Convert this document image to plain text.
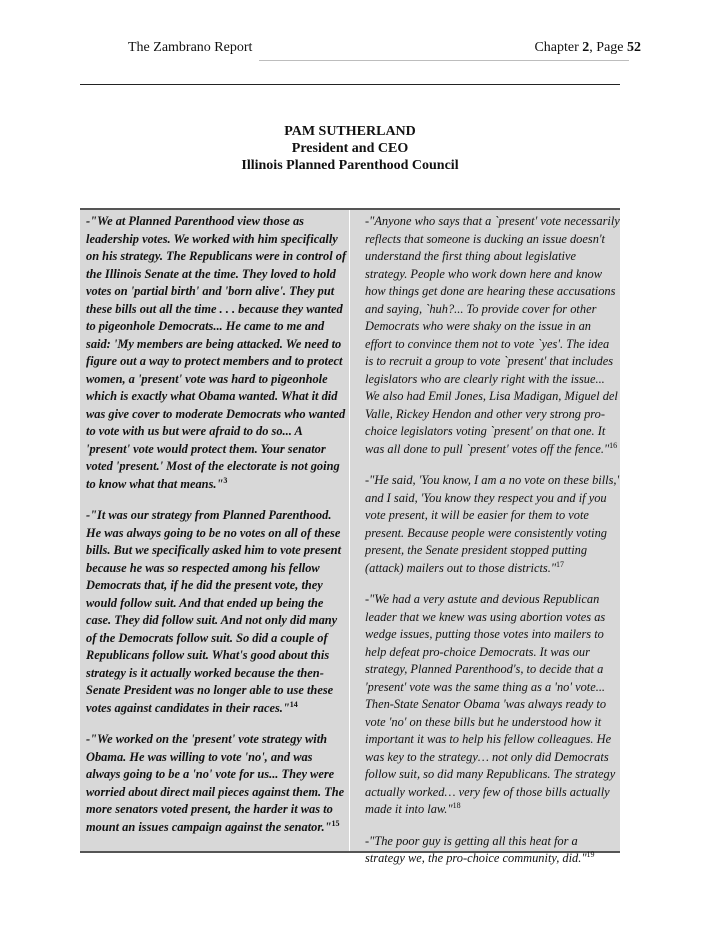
The Zambrano Report	Chapter 2, Page 52
PAM SUTHERLAND
President and CEO
Illinois Planned Parenthood Council

-"We at Planned Parenthood view those as leadership votes. We worked with him specifically on his strategy. The Republicans were in control of the Illinois Senate at the time. They loved to hold votes on 'partial birth' and 'born alive'. They put these bills out all the time . . . because they wanted to pigeonhole Democrats... He came to me and said: 'My members are being attacked. We need to figure out a way to protect members and to protect women, a 'present' vote was hard to pigeonhole which is exactly what Obama wanted. What it did was give cover to moderate Democrats who wanted to vote with us but were afraid to do so... A 'present' vote would protect them. Your senator voted 'present.' Most of the electorate is not going to know what that means."$^3$

-"It was our strategy from Planned Parenthood. He was always going to be no votes on all of these bills. But we specifically asked him to vote present because he was so respected among his fellow Democrats that, if he did the present vote, they would follow suit. And that ended up being the case. They did follow suit. And not only did many of the Democrats follow suit. So did a couple of Republicans follow suit. What's good about this strategy is it actually worked because the then-Senate President was no longer able to use these votes against candidates in their races."$^{14}$

-"We worked on the 'present' vote strategy with Obama. He was willing to vote 'no', and was always going to be a 'no' vote for us... They were worried about direct mail pieces against them. The more senators voted present, the harder it was to mount an issues campaign against the senator."$^{15}$

-"Anyone who says that a `present' vote necessarily reflects that someone is ducking an issue doesn't understand the first thing about legislative strategy. People who work down here and know how things get done are hearing these accusations and saying, `huh?... To provide cover for other Democrats who were shaky on the issue in an effort to convince them not to vote `yes'. The idea is to recruit a group to vote `present' that includes legislators who are clearly right with the issue... We also had Emil Jones, Lisa Madigan, Miguel del Valle, Rickey Hendon and other very strong pro-choice legislators voting `present' on that one. It was all done to pull `present' votes off the fence."$^{16}$

-"He said, 'You know, I am a no vote on these bills,' and I said, 'You know they respect you and if you vote present, it will be easier for them to vote present. Because people were consistently voting present, the Senate president stopped putting (attack) mailers out to those districts."$^{17}$

-"We had a very astute and devious Republican leader that we knew was using abortion votes as wedge issues, putting those votes into mailers to help defeat pro-choice Democrats. It was our strategy, Planned Parenthood's, to decide that a 'present' vote was the same thing as a 'no' vote... Then-State Senator Obama 'was always ready to vote 'no' on these bills but he understood how it important it was to help his fellow colleagues. He was key to the strategy… not only did Democrats follow suit, so did many Republicans. The strategy actually worked… very few of those bills actually made it into law."$^{18}$

-"The poor guy is getting all this heat for a strategy we, the pro-choice community, did."$^{19}$
